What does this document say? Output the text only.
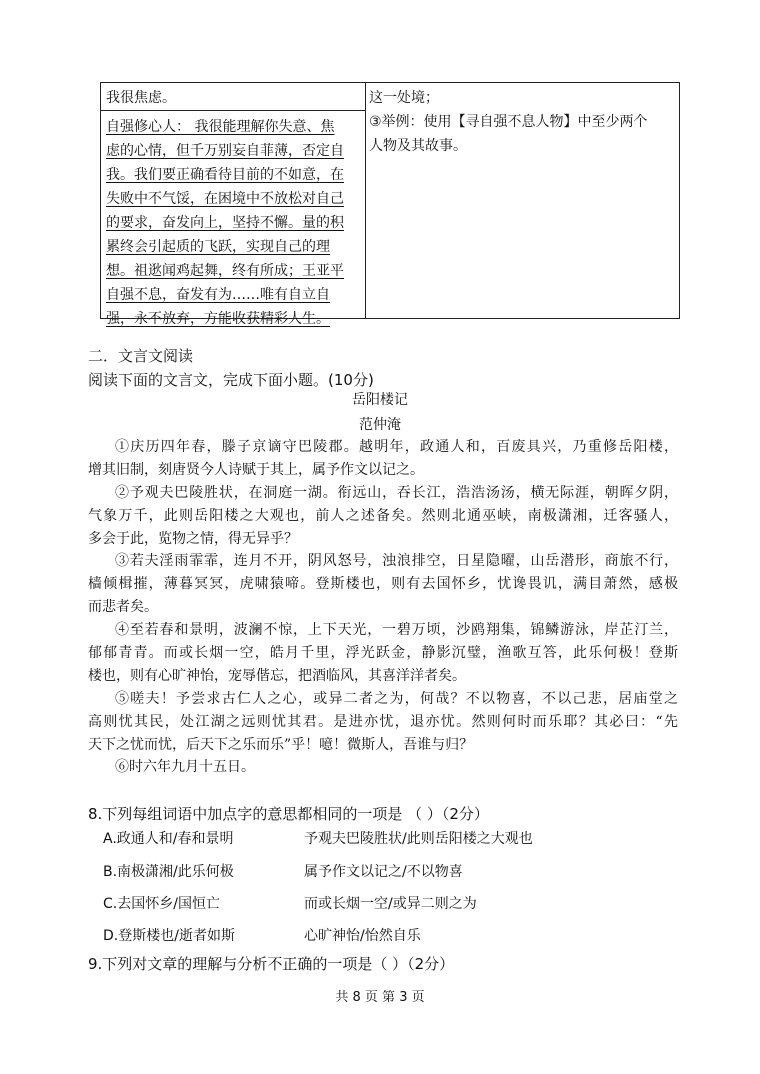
我很焦虑。
自强修心人： 我很能理解你失意、焦
虑的心情，但千万别妄自菲薄，否定自
我。我们要正确看待目前的不如意，在
失败中不气馁，在困境中不放松对自己
的要求，奋发向上，坚持不懈。量的积
累终会引起质的飞跃，实现自己的理
想。祖逖闻鸡起舞，终有所成；王亚平
自强不息，奋发有为……唯有自立自
强，永不放弃，方能收获精彩人生。
这一处境；
③举例：使用【寻自强不息人物】中至少两个
人物及其故事。
二．文言文阅读
阅读下面的文言文，完成下面小题。(10分)
岳阳楼记
范仲淹
①庆历四年春，滕子京谪守巴陵郡。越明年，政通人和，百废具兴，乃重修岳阳楼，
增其旧制，刻唐贤今人诗赋于其上，属予作文以记之。
②予观夫巴陵胜状，在洞庭一湖。衔远山，吞长江，浩浩汤汤，横无际涯，朝晖夕阴，
气象万千，此则岳阳楼之大观也，前人之述备矣。然则北通巫峡，南极潇湘，迁客骚人，
多会于此，览物之情，得无异乎？
③若夫淫雨霏霏，连月不开，阴风怒号，浊浪排空，日星隐曜，山岳潜形，商旅不行，
樯倾楫摧，薄暮冥冥，虎啸猿啼。登斯楼也，则有去国怀乡，忧谗畏讥，满目萧然，感极
而悲者矣。
④至若春和景明，波澜不惊，上下天光，一碧万顷，沙鸥翔集，锦鳞游泳，岸芷汀兰，
郁郁青青。而或长烟一空，皓月千里，浮光跃金，静影沉璧，渔歌互答，此乐何极！登斯
楼也，则有心旷神怡，宠辱偕忘，把酒临风，其喜洋洋者矣。
⑤嗟夫！予尝求古仁人之心，或异二者之为，何哉？不以物喜，不以己悲，居庙堂之
高则忧其民，处江湖之远则忧其君。是进亦忧，退亦忧。然则何时而乐耶？其必曰：“先
天下之忧而忧，后天下之乐而乐”乎！噫！微斯人，吾谁与归？
⑥时六年九月十五日。
8.下列每组词语中加点字的意思都相同的一项是 （ ）（2分）
A.政通人和/春和景明	予观夫巴陵胜状/此则岳阳楼之大观也
B.南极潇湘/此乐何极	属予作文以记之/不以物喜
C.去国怀乡/国恒亡	而或长烟一空/或异二则之为
D.登斯楼也/逝者如斯	心旷神怡/怡然自乐
9.下列对文章的理解与分析不正确的一项是（ ）（2分）
共 8 页 第 3 页
